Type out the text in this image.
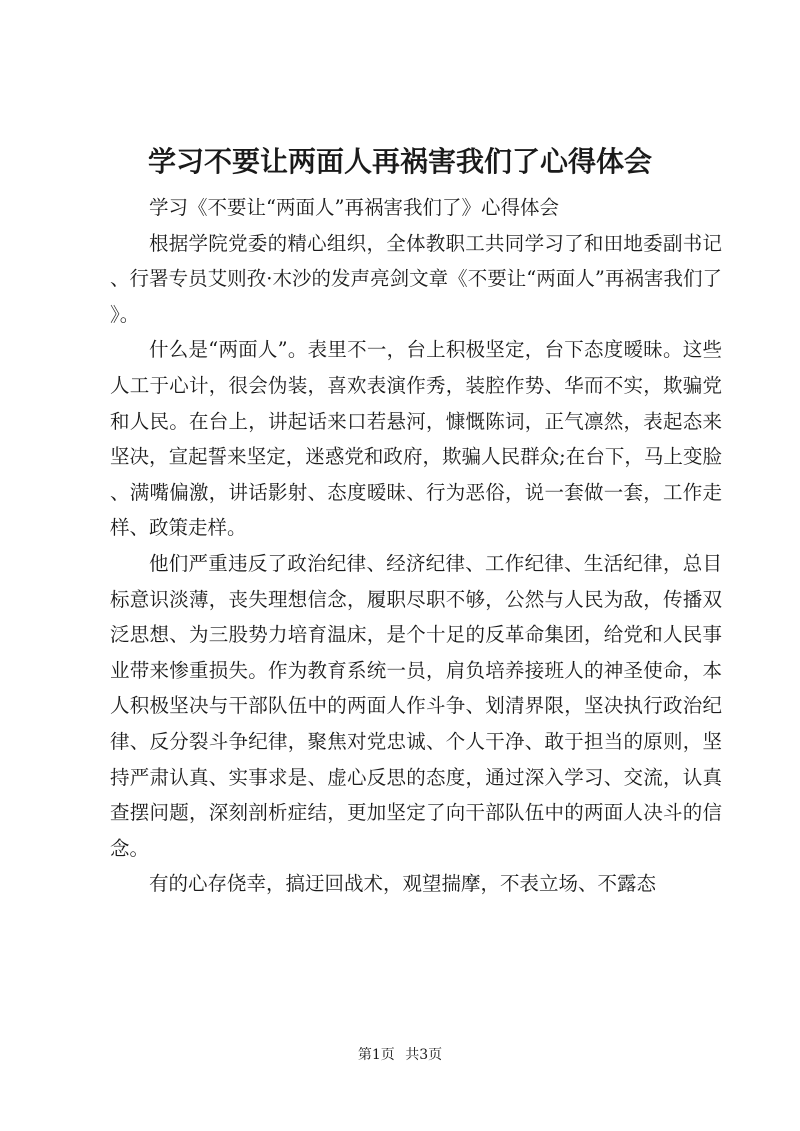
学习不要让两面人再祸害我们了心得体会

学习《不要让“两面人”再祸害我们了》心得体会

根据学院党委的精心组织，全体教职工共同学习了和田地委副书记、行署专员艾则孜·木沙的发声亮剑文章《不要让“两面人”再祸害我们了》。

什么是“两面人”。表里不一，台上积极坚定，台下态度暧昧。这些人工于心计，很会伪装，喜欢表演作秀，装腔作势、华而不实，欺骗党和人民。在台上，讲起话来口若悬河，慷慨陈词，正气凛然，表起态来坚决，宣起誓来坚定，迷惑党和政府，欺骗人民群众;在台下，马上变脸、满嘴偏激，讲话影射、态度暧昧、行为恶俗，说一套做一套，工作走样、政策走样。

他们严重违反了政治纪律、经济纪律、工作纪律、生活纪律，总目标意识淡薄，丧失理想信念，履职尽职不够，公然与人民为敌，传播双泛思想、为三股势力培育温床，是个十足的反革命集团，给党和人民事业带来惨重损失。作为教育系统一员，肩负培养接班人的神圣使命，本人积极坚决与干部队伍中的两面人作斗争、划清界限，坚决执行政治纪律、反分裂斗争纪律，聚焦对党忠诚、个人干净、敢于担当的原则，坚持严肃认真、实事求是、虚心反思的态度，通过深入学习、交流，认真查摆问题，深刻剖析症结，更加坚定了向干部队伍中的两面人决斗的信念。

有的心存侥幸，搞迂回战术，观望揣摩，不表立场、不露态

第1页 共3页
